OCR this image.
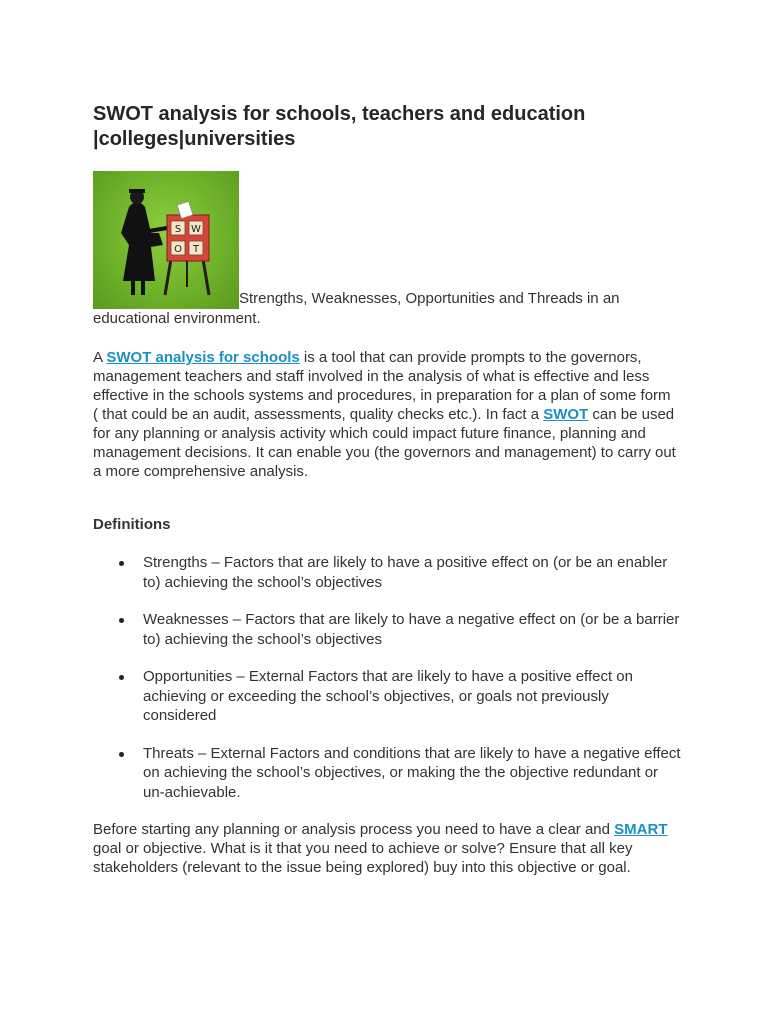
SWOT analysis for schools, teachers and education |colleges|universities
S W
O T
Strengths, Weaknesses, Opportunities and Threads in an educational environment.

A SWOT analysis for schools is a tool that can provide prompts to the governors, management teachers and staff involved in the analysis of what is effective and less effective in the schools systems and procedures, in preparation for a plan of some form ( that could be an audit, assessments, quality checks etc.). In fact a SWOT can be used for any planning or analysis activity which could impact future finance, planning and management decisions. It can enable you (the governors and management) to carry out a more comprehensive analysis.

Definitions
Strengths – Factors that are likely to have a positive effect on (or be an enabler to) achieving the school’s objectives
Weaknesses – Factors that are likely to have a negative effect on (or be a barrier to) achieving the school’s objectives
Opportunities – External Factors that are likely to have a positive effect on achieving or exceeding the school’s objectives, or goals not previously considered
Threats – External Factors and conditions that are likely to have a negative effect on achieving the school’s objectives, or making the the objective redundant or un-achievable.

Before starting any planning or analysis process you need to have a clear and SMART goal or objective. What is it that you need to achieve or solve? Ensure that all key stakeholders (relevant to the issue being explored) buy into this objective or goal.
